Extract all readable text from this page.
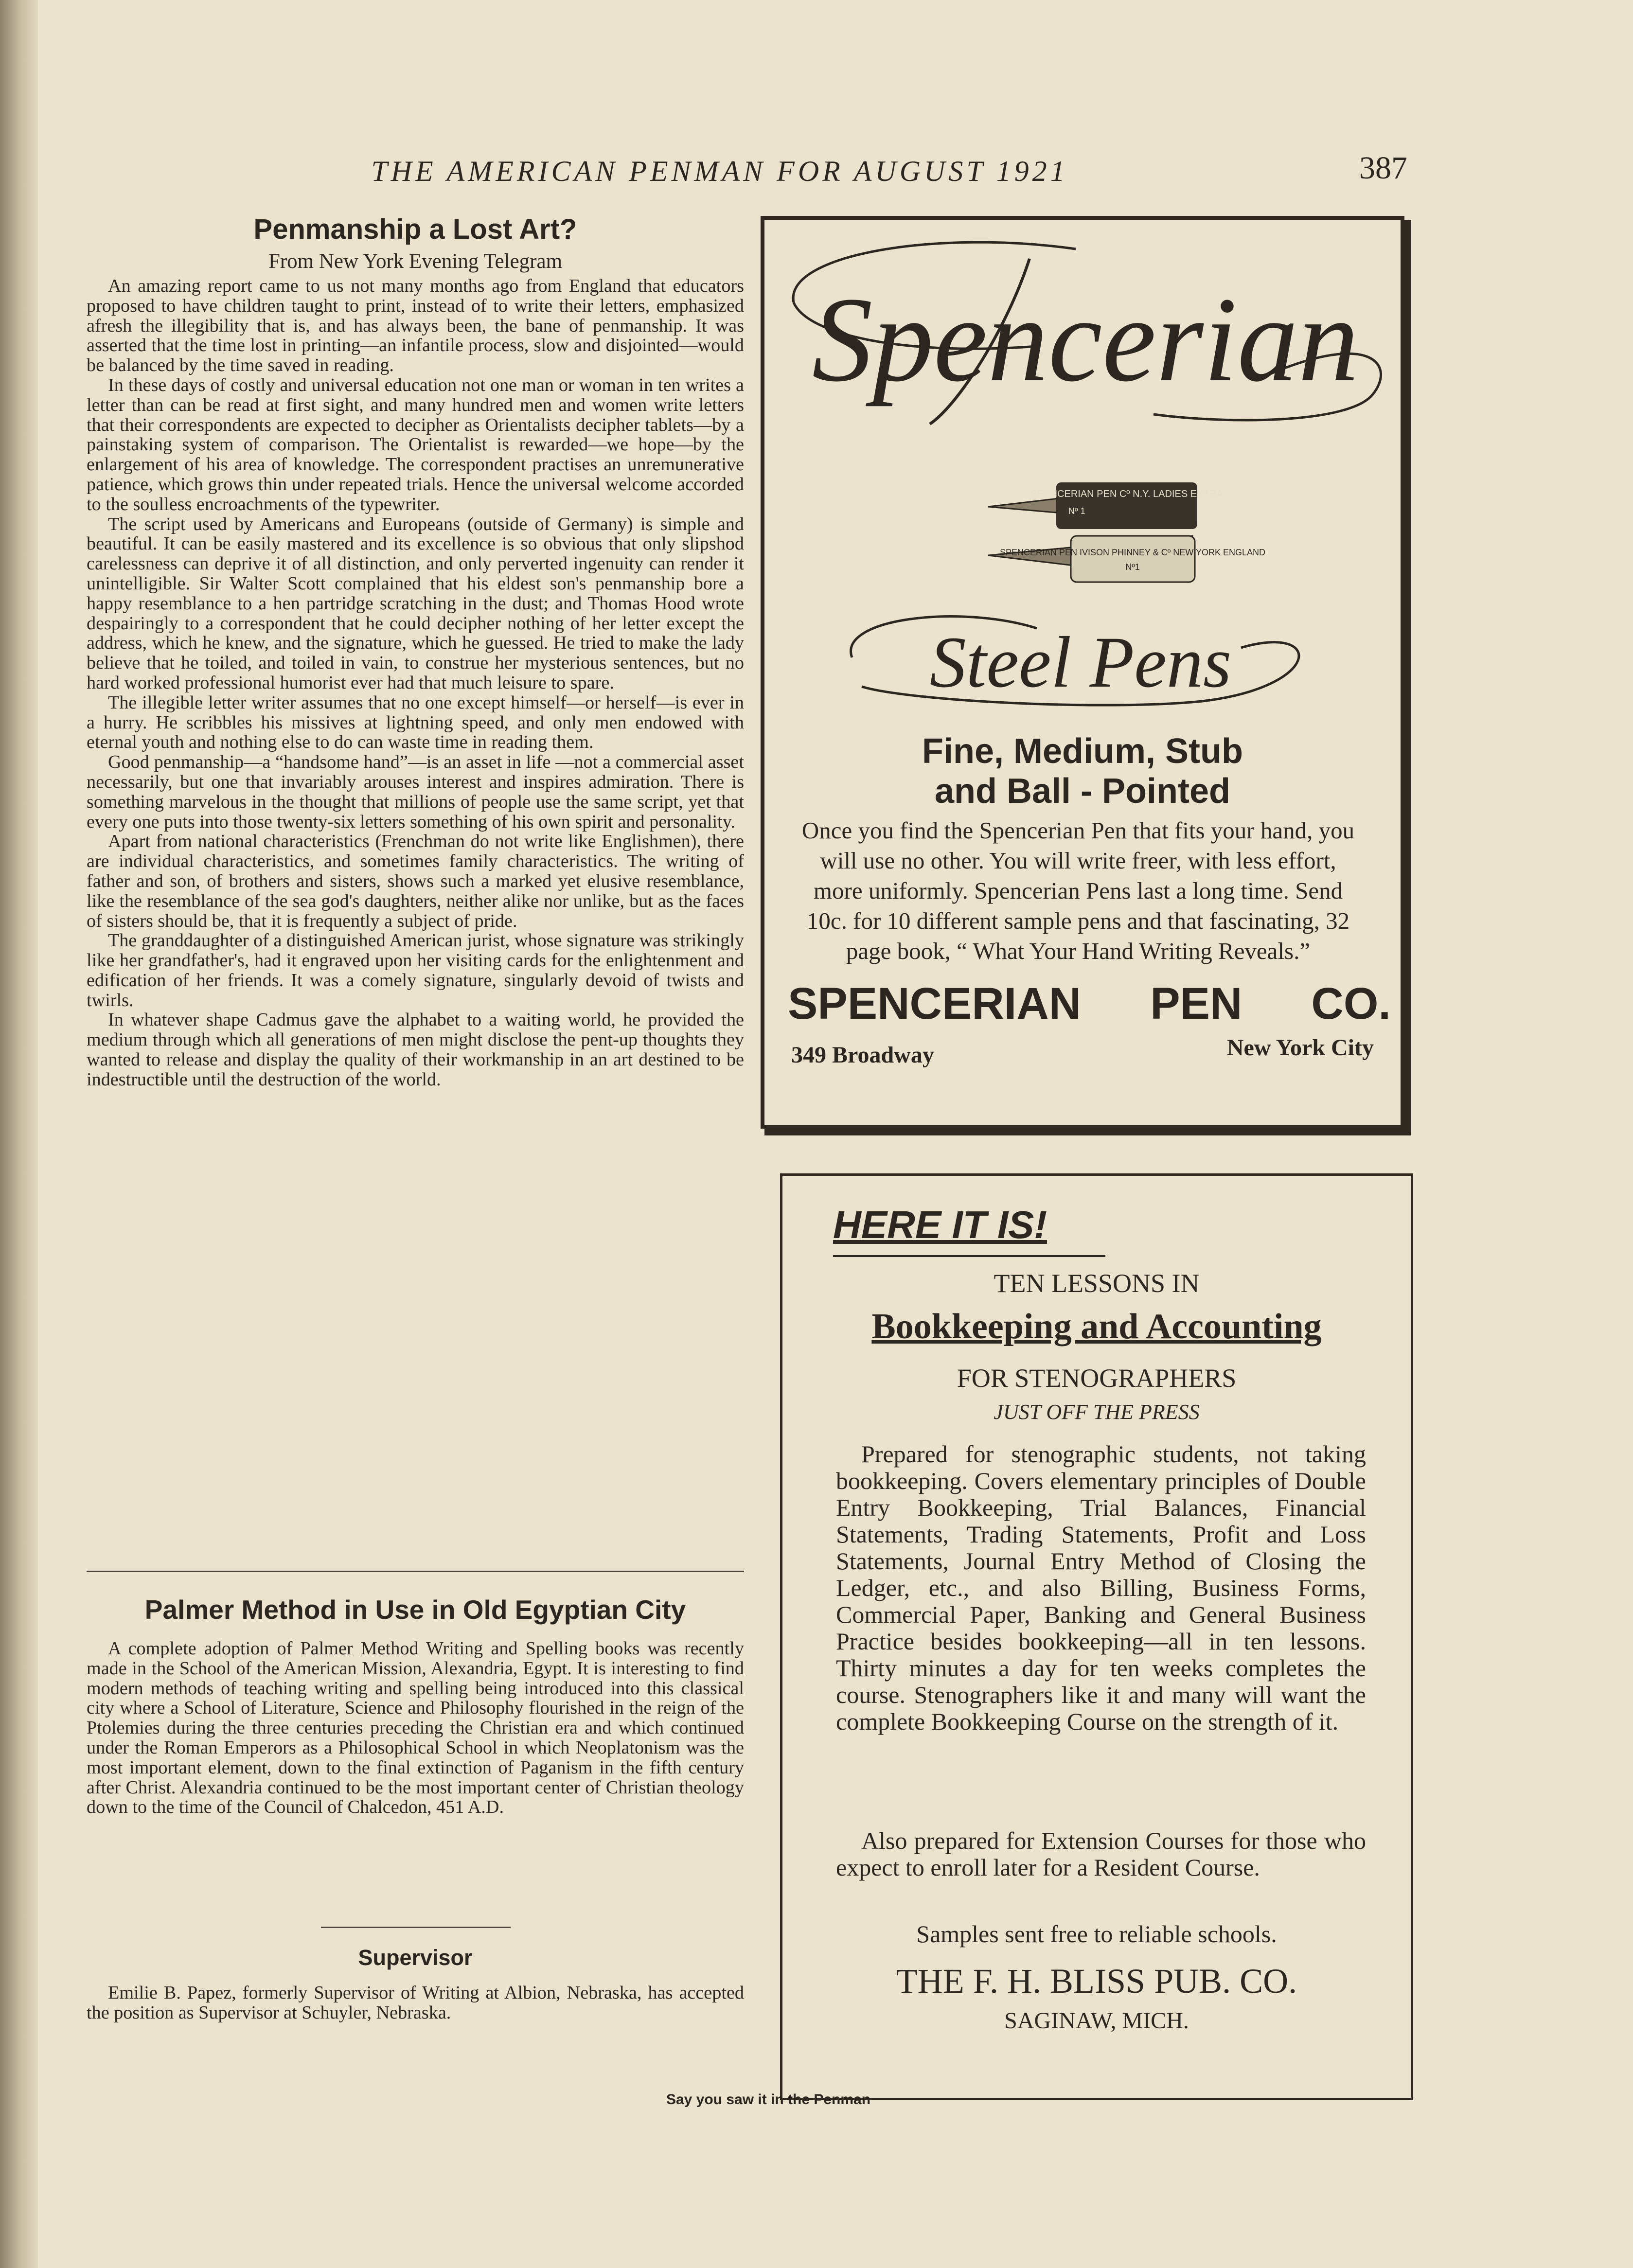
THE AMERICAN PENMAN FOR AUGUST 1921	387
Penmanship a Lost Art?
From New York Evening Telegram

An amazing report came to us not many months ago from England that educators proposed to have children taught to print, instead of to write their letters, emphasized afresh the illegibility that is, and has always been, the bane of penmanship. It was asserted that the time lost in printing—an infantile process, slow and disjointed—would be balanced by the time saved in reading.

In these days of costly and universal education not one man or woman in ten writes a letter than can be read at first sight, and many hundred men and women write letters that their correspondents are expected to decipher as Orientalists decipher tablets—by a painstaking system of comparison. The Orientalist is rewarded—we hope—by the enlargement of his area of knowledge. The correspondent practises an unremunerative patience, which grows thin under repeated trials. Hence the universal welcome accorded to the soulless encroachments of the typewriter.

The script used by Americans and Europeans (outside of Germany) is simple and beautiful. It can be easily mastered and its excellence is so obvious that only slipshod carelessness can deprive it of all distinction, and only perverted ingenuity can render it unintelligible. Sir Walter Scott complained that his eldest son's penmanship bore a happy resemblance to a hen partridge scratching in the dust; and Thomas Hood wrote despairingly to a correspondent that he could decipher nothing of her letter except the address, which he knew, and the signature, which he guessed. He tried to make the lady believe that he toiled, and toiled in vain, to construe her mysterious sentences, but no hard worked professional humorist ever had that much leisure to spare.

The illegible letter writer assumes that no one except himself—or herself—is ever in a hurry. He scribbles his missives at lightning speed, and only men endowed with eternal youth and nothing else to do can waste time in reading them.

Good penmanship—a “handsome hand”—is an asset in life —not a commercial asset necessarily, but one that invariably arouses interest and inspires admiration. There is something marvelous in the thought that millions of people use the same script, yet that every one puts into those twenty-six letters something of his own spirit and personality.

Apart from national characteristics (Frenchman do not write like Englishmen), there are individual characteristics, and sometimes family characteristics. The writing of father and son, of brothers and sisters, shows such a marked yet elusive resemblance, like the resemblance of the sea god's daughters, neither alike nor unlike, but as the faces of sisters should be, that it is frequently a subject of pride.

The granddaughter of a distinguished American jurist, whose signature was strikingly like her grandfather's, had it engraved upon her visiting cards for the enlightenment and edification of her friends. It was a comely signature, singularly devoid of twists and twirls.

In whatever shape Cadmus gave the alphabet to a waiting world, he provided the medium through which all generations of men might disclose the pent-up thoughts they wanted to release and display the quality of their workmanship in an art destined to be indestructible until the destruction of the world.

Palmer Method in Use in Old Egyptian City

A complete adoption of Palmer Method Writing and Spelling books was recently made in the School of the American Mission, Alexandria, Egypt. It is interesting to find modern methods of teaching writing and spelling being introduced into this classical city where a School of Literature, Science and Philosophy flourished in the reign of the Ptolemies during the three centuries preceding the Christian era and which continued under the Roman Emperors as a Philosophical School in which Neoplatonism was the most important element, down to the final extinction of Paganism in the fifth century after Christ. Alexandria continued to be the most important center of Christian theology down to the time of the Council of Chalcedon, 451 A.D.

Supervisor

Emilie B. Papez, formerly Supervisor of Writing at Albion, Nebraska, has accepted the position as Supervisor at Schuyler, Nebraska.

Spencerian
SPENCERIAN PEN Cº N.Y. LADIES EXTRA
Nº 1
SPENCERIAN PEN IVISON PHINNEY & Cº NEW YORK ENGLAND
Nº1
Steel Pens
Fine, Medium, Stub
and Ball - Pointed
Once you find the Spencerian Pen that fits your hand, you will use no other. You will write freer, with less effort, more uniformly. Spencerian Pens last a long time. Send 10c. for 10 different sample pens and that fascinating, 32 page book, “ What Your Hand Writing Reveals.”
SPENCERIAN PEN CO.
349 Broadway	New York City
HERE IT IS!
TEN LESSONS IN
Bookkeeping and Accounting
FOR STENOGRAPHERS
JUST OFF THE PRESS
Prepared for stenographic students, not taking bookkeeping. Covers elementary principles of Double Entry Bookkeeping, Trial Balances, Financial Statements, Trading Statements, Profit and Loss Statements, Journal Entry Method of Closing the Ledger, etc., and also Billing, Business Forms, Commercial Paper, Banking and General Business Practice besides bookkeeping—all in ten lessons. Thirty minutes a day for ten weeks completes the course. Stenographers like it and many will want the complete Bookkeeping Course on the strength of it.
Also prepared for Extension Courses for those who expect to enroll later for a Resident Course.
Samples sent free to reliable schools.
THE F. H. BLISS PUB. CO.
SAGINAW, MICH.
Say you saw it in the Penman
